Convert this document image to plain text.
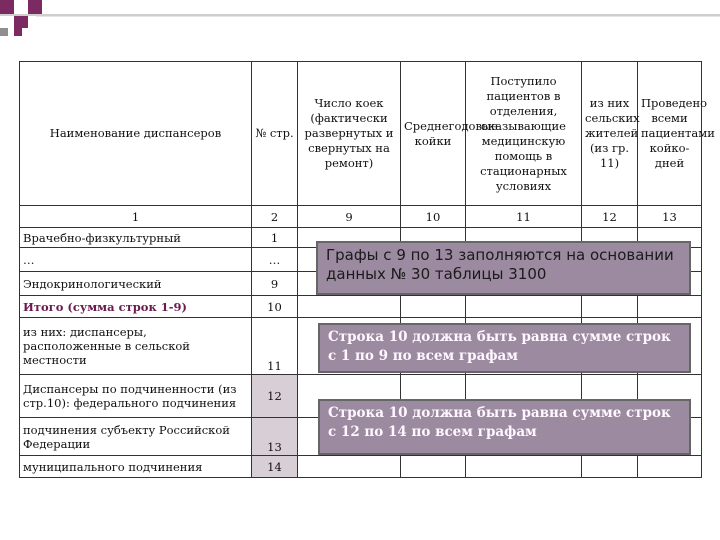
Наименование диспансеров	№ стр.	Число коек (фактически развернутых и свернутых на ремонт)	Среднегодовые койки	Поступило пациентов в отделения, оказывающие медицинскую помощь в стационарных условиях	из них сельских жителей (из гр. 11)	Проведено всеми пациентами койко-дней
1	2	9	10	11	12	13
Врачебно-физкультурный	1					
…	…					
Эндокринологический	9					
Итого (сумма строк 1-9)	10					
из них: диспансеры, расположенные в сельской местности	11					
Диспансеры по подчиненности (из стр.10): федерального подчинения	12					
подчинения субъекту Российской Федерации	13					
муниципального подчинения	14					
Графы с 9 по 13 заполняются на основании данных № 30 таблицы 3100
Строка 10 должна быть равна сумме строк с 1 по 9 по всем графам
Строка 10 должна быть равна сумме строк с 12 по 14 по всем графам
